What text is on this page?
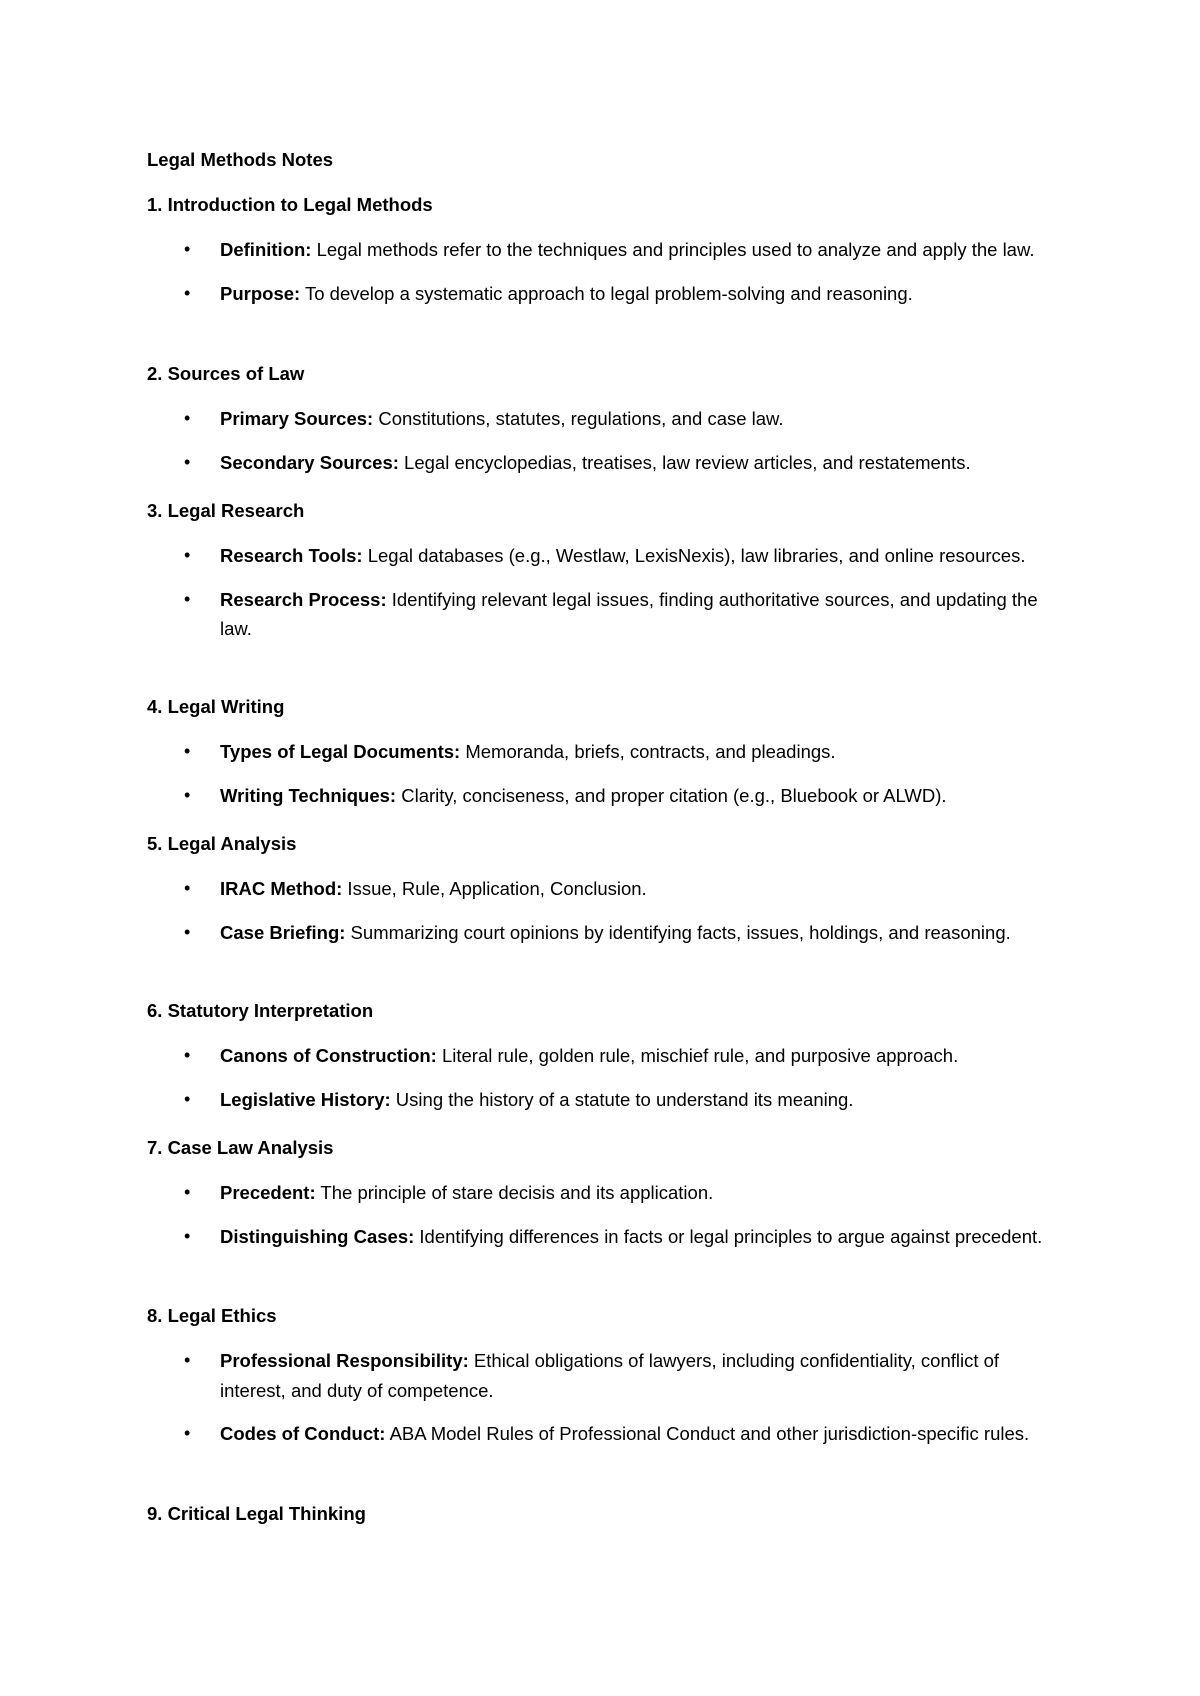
Legal Methods Notes
1. Introduction to Legal Methods
• Definition: Legal methods refer to the techniques and principles used to analyze and apply the law.
• Purpose: To develop a systematic approach to legal problem-solving and reasoning.
2. Sources of Law
• Primary Sources: Constitutions, statutes, regulations, and case law.
• Secondary Sources: Legal encyclopedias, treatises, law review articles, and restatements.
3. Legal Research
• Research Tools: Legal databases (e.g., Westlaw, LexisNexis), law libraries, and online resources.
• Research Process: Identifying relevant legal issues, finding authoritative sources, and updating the law.
4. Legal Writing
• Types of Legal Documents: Memoranda, briefs, contracts, and pleadings.
• Writing Techniques: Clarity, conciseness, and proper citation (e.g., Bluebook or ALWD).
5. Legal Analysis
• IRAC Method: Issue, Rule, Application, Conclusion.
• Case Briefing: Summarizing court opinions by identifying facts, issues, holdings, and reasoning.
6. Statutory Interpretation
• Canons of Construction: Literal rule, golden rule, mischief rule, and purposive approach.
• Legislative History: Using the history of a statute to understand its meaning.
7. Case Law Analysis
• Precedent: The principle of stare decisis and its application.
• Distinguishing Cases: Identifying differences in facts or legal principles to argue against precedent.
8. Legal Ethics
• Professional Responsibility: Ethical obligations of lawyers, including confidentiality, conflict of interest, and duty of competence.
• Codes of Conduct: ABA Model Rules of Professional Conduct and other jurisdiction-specific rules.
9. Critical Legal Thinking
